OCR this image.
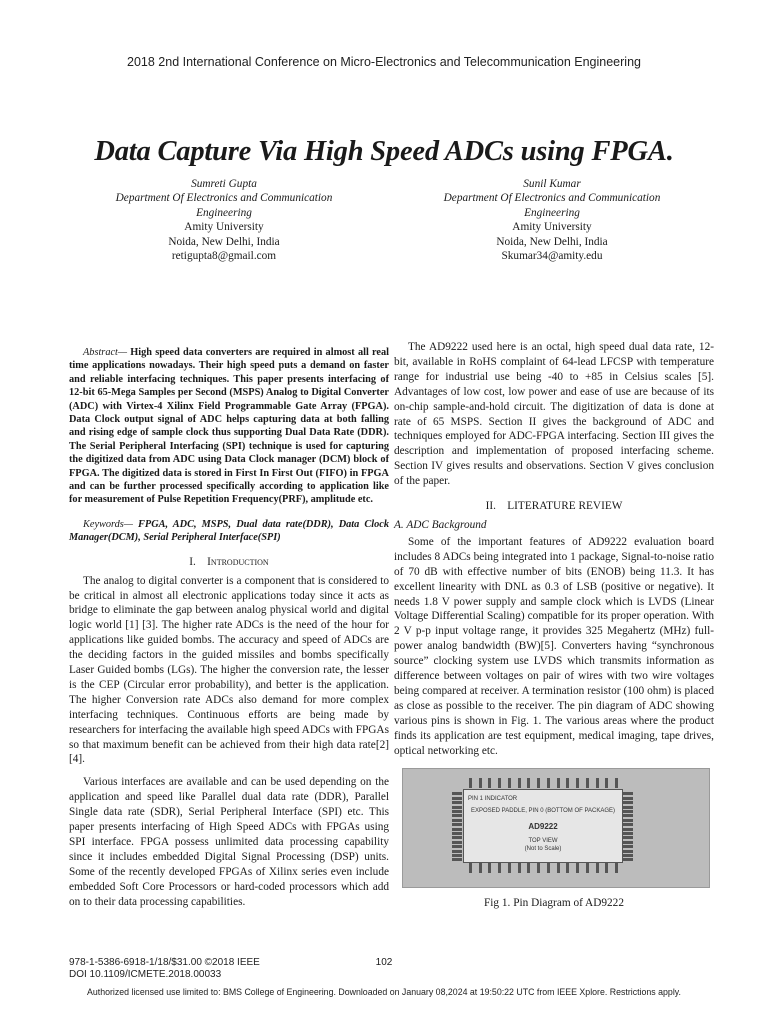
2018 2nd International Conference on Micro-Electronics and Telecommunication Engineering
Data Capture Via High Speed ADCs using FPGA.
Sumreti Gupta
Department Of Electronics and Communication
Engineering
Amity University
Noida, New Delhi, India
retigupta8@gmail.com
Sunil Kumar
Department Of Electronics and Communication
Engineering
Amity University
Noida, New Delhi, India
Skumar34@amity.edu

Abstract— High speed data converters are required in almost all real time applications nowadays. Their high speed puts a demand on faster and reliable interfacing techniques. This paper presents interfacing of 12-bit 65-Mega Samples per Second (MSPS) Analog to Digital Converter (ADC) with Virtex-4 Xilinx Field Programmable Gate Array (FPGA). Data Clock output signal of ADC helps capturing data at both falling and rising edge of sample clock thus supporting Dual Data Rate (DDR). The Serial Peripheral Interfacing (SPI) technique is used for capturing the digitized data from ADC using Data Clock manager (DCM) block of FPGA. The digitized data is stored in First In First Out (FIFO) in FPGA and can be further processed specifically according to application like for measurement of Pulse Repetition Frequency(PRF), amplitude etc.

Keywords— FPGA, ADC, MSPS, Dual data rate(DDR), Data Clock Manager(DCM), Serial Peripheral Interface(SPI)

I. Introduction

The analog to digital converter is a component that is considered to be critical in almost all electronic applications today since it acts as bridge to eliminate the gap between analog physical world and digital logic world [1] [3]. The higher rate ADCs is the need of the hour for applications like guided bombs. The accuracy and speed of ADCs are the deciding factors in the guided missiles and bombs specifically Laser Guided bombs (LGs). The higher the conversion rate, the lesser is the CEP (Circular error probability), and better is the application. The higher Conversion rate ADCs also demand for more complex interfacing techniques. Continuous efforts are being made by researchers for interfacing the available high speed ADCs with FPGAs so that maximum benefit can be achieved from their high data rate[2] [4].

Various interfaces are available and can be used depending on the application and speed like Parallel dual data rate (DDR), Parallel Single data rate (SDR), Serial Peripheral Interface (SPI) etc. This paper presents interfacing of High Speed ADCs with FPGAs using SPI interface. FPGA possess unlimited data processing capability since it includes embedded Digital Signal Processing (DSP) units. Some of the recently developed FPGAs of Xilinx series even include embedded Soft Core Processors or hard-coded processors which add on to their data processing capabilities.

The AD9222 used here is an octal, high speed dual data rate, 12-bit, available in RoHS complaint of 64-lead LFCSP with temperature range for industrial use being -40 to +85 in Celsius scales [5]. Advantages of low cost, low power and ease of use are because of its on-chip sample-and-hold circuit. The digitization of data is done at rate of 65 MSPS. Section II gives the background of ADC and techniques employed for ADC-FPGA interfacing. Section III gives the description and implementation of proposed interfacing scheme. Section IV gives results and observations. Section V gives conclusion of the paper.

II. LITERATURE REVIEW
A. ADC Background

Some of the important features of AD9222 evaluation board includes 8 ADCs being integrated into 1 package, Signal-to-noise ratio of 70 dB with effective number of bits (ENOB) being 11.3. It has excellent linearity with DNL as 0.3 of LSB (positive or negative). It needs 1.8 V power supply and sample clock which is LVDS (Linear Voltage Differential Scaling) compatible for its proper operation. With 2 V p-p input voltage range, it provides 325 Megahertz (MHz) full-power analog bandwidth (BW)[5]. Converters having “synchronous source” clocking system use LVDS which transmits information as difference between voltages on pair of wires with two wire voltages being compared at receiver. A termination resistor (100 ohm) is placed as close as possible to the receiver. The pin diagram of ADC showing various pins is shown in Fig. 1. The various areas where the product finds its application are test equipment, medical imaging, tape drives, optical networking etc.

PIN 1 INDICATOR
EXPOSED PADDLE, PIN 0 (BOTTOM OF PACKAGE)
AD9222
TOP VIEW
(Not to Scale)
Fig 1. Pin Diagram of AD9222
978-1-5386-6918-1/18/$31.00 ©2018 IEEE
DOI 10.1109/ICMETE.2018.00033
102
Authorized licensed use limited to: BMS College of Engineering. Downloaded on January 08,2024 at 19:50:22 UTC from IEEE Xplore. Restrictions apply.
